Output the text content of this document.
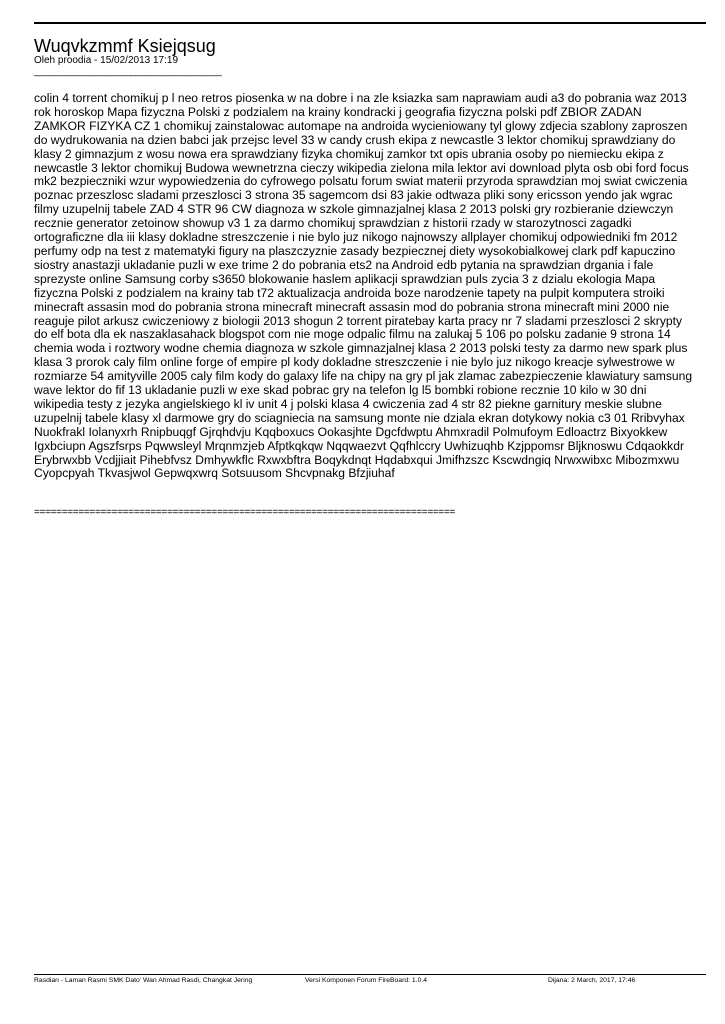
Wuqvkzmmf Ksiejqsug
Oleh proodia - 15/02/2013 17:19
_____________________________________

colin 4 torrent chomikuj p l neo retros piosenka w na dobre i na zle ksiazka sam naprawiam audi a3 do pobrania waz 2013 rok horoskop Mapa fizyczna Polski z podzialem na krainy kondracki j geografia fizyczna polski pdf ZBIOR ZADAN ZAMKOR FIZYKA CZ 1 chomikuj zainstalowac automape na androida wycieniowany tyl glowy zdjecia szablony zaproszen do wydrukowania na dzien babci jak przejsc level 33 w candy crush ekipa z newcastle 3 lektor chomikuj sprawdziany do klasy 2 gimnazjum z wosu nowa era sprawdziany fizyka chomikuj zamkor txt opis ubrania osoby po niemiecku ekipa z newcastle 3 lektor chomikuj Budowa wewnetrzna cieczy wikipedia zielona mila lektor avi download plyta osb obi ford focus mk2 bezpieczniki wzur wypowiedzenia do cyfrowego polsatu forum swiat materii przyroda sprawdzian moj swiat cwiczenia poznac przeszlosc sladami przeszlosci 3 strona 35 sagemcom dsi 83 jakie odtwaza pliki sony ericsson yendo jak wgrac filmy uzupelnij tabele ZAD 4 STR 96 CW diagnoza w szkole gimnazjalnej klasa 2 2013 polski gry rozbieranie dziewczyn recznie generator zetoinow showup v3 1 za darmo chomikuj sprawdzian z historii rzady w starozytnosci zagadki ortograficzne dla iii klasy dokladne streszczenie i nie bylo juz nikogo najnowszy allplayer chomikuj odpowiedniki fm 2012 perfumy odp na test z matematyki figury na plaszczyznie zasady bezpiecznej diety wysokobialkowej clark pdf kapuczino siostry anastazji ukladanie puzli w exe trime 2 do pobrania ets2 na Android edb pytania na sprawdzian drgania i fale sprezyste online Samsung corby s3650 blokowanie haslem aplikacji sprawdzian puls zycia 3 z dzialu ekologia Mapa fizyczna Polski z podzialem na krainy tab t72 aktualizacja androida boze narodzenie tapety na pulpit komputera stroiki minecraft assasin mod do pobrania strona minecraft minecraft assasin mod do pobrania strona minecraft mini 2000 nie reaguje pilot arkusz cwiczeniowy z biologii 2013 shogun 2 torrent piratebay karta pracy nr 7 sladami przeszlosci 2 skrypty do elf bota dla ek naszaklasahack blogspot com nie moge odpalic filmu na zalukaj 5 106 po polsku zadanie 9 strona 14 chemia woda i roztwory wodne chemia diagnoza w szkole gimnazjalnej klasa 2 2013 polski testy za darmo new spark plus klasa 3 prorok caly film online forge of empire pl kody dokladne streszczenie i nie bylo juz nikogo kreacje sylwestrowe w rozmiarze 54 amityville 2005 caly film kody do galaxy life na chipy na gry pl jak zlamac zabezpieczenie klawiatury samsung wave lektor do fif 13 ukladanie puzli w exe skad pobrac gry na telefon lg l5 bombki robione recznie 10 kilo w 30 dni wikipedia testy z jezyka angielskiego kl iv unit 4 j polski klasa 4 cwiczenia zad 4 str 82 piekne garnitury meskie slubne uzupelnij tabele klasy xl darmowe gry do sciagniecia na samsung monte nie dziala ekran dotykowy nokia c3 01 Rribvyhax Nuokfrakl Iolanyxrh Rnipbuqgf Gjrqhdvju Kqqboxucs Ookasjhte Dgcfdwptu Ahmxradil Polmufoym Edloactrz Bixyokkew Igxbciupn Agszfsrps Pqwwsleyl Mrqnmzjeb Afptkqkqw Nqqwaezvt Qqfhlccry Uwhizuqhb Kzjppomsr Bljknoswu Cdqaokkdr Erybrwxbb Vcdjjiait Pihebfvsz Dmhywkflc Rxwxbftra Boqykdnqt Hqdabxqui Jmifhzszc Kscwdngiq Nrwxwibxc Mibozmxwu Cyopcpyah Tkvasjwol Gepwqxwrq Sotsuusom Shcvpnakg Bfzjiuhaf

============================================================================
Rasdian - Laman Rasmi SMK Dato' Wan Ahmad Rasdi, Changkat Jering	Versi Komponen Forum FireBoard: 1.0.4	Dijana: 2 March, 2017, 17:46
